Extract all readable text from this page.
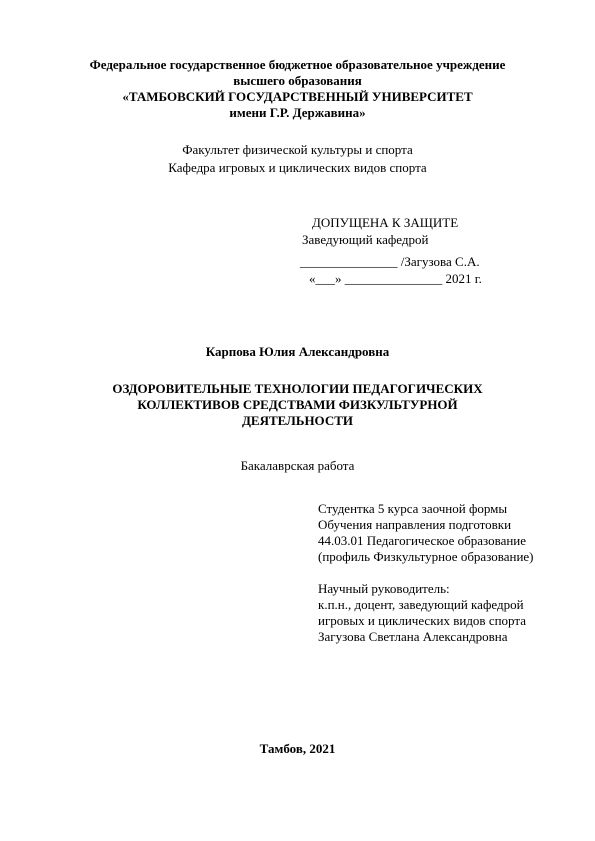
Федеральное государственное бюджетное образовательное учреждение
высшего образования
«ТАМБОВСКИЙ ГОСУДАРСТВЕННЫЙ УНИВЕРСИТЕТ
имени Г.Р. Державина»
Факультет физической культуры и спорта
Кафедра игровых и циклических видов спорта
ДОПУЩЕНА К ЗАЩИТЕ
Заведующий кафедрой
_______________ /Загузова С.А.
«___» _______________ 2021 г.
Карпова Юлия Александровна
ОЗДОРОВИТЕЛЬНЫЕ ТЕХНОЛОГИИ ПЕДАГОГИЧЕСКИХ
КОЛЛЕКТИВОВ СРЕДСТВАМИ ФИЗКУЛЬТУРНОЙ
ДЕЯТЕЛЬНОСТИ
Бакалаврская работа
Студентка 5 курса заочной формы
Обучения направления подготовки
44.03.01 Педагогическое образование
(профиль Физкультурное образование)
Научный руководитель:
к.п.н., доцент, заведующий кафедрой
игровых и циклических видов спорта
Загузова Светлана Александровна
Тамбов, 2021
